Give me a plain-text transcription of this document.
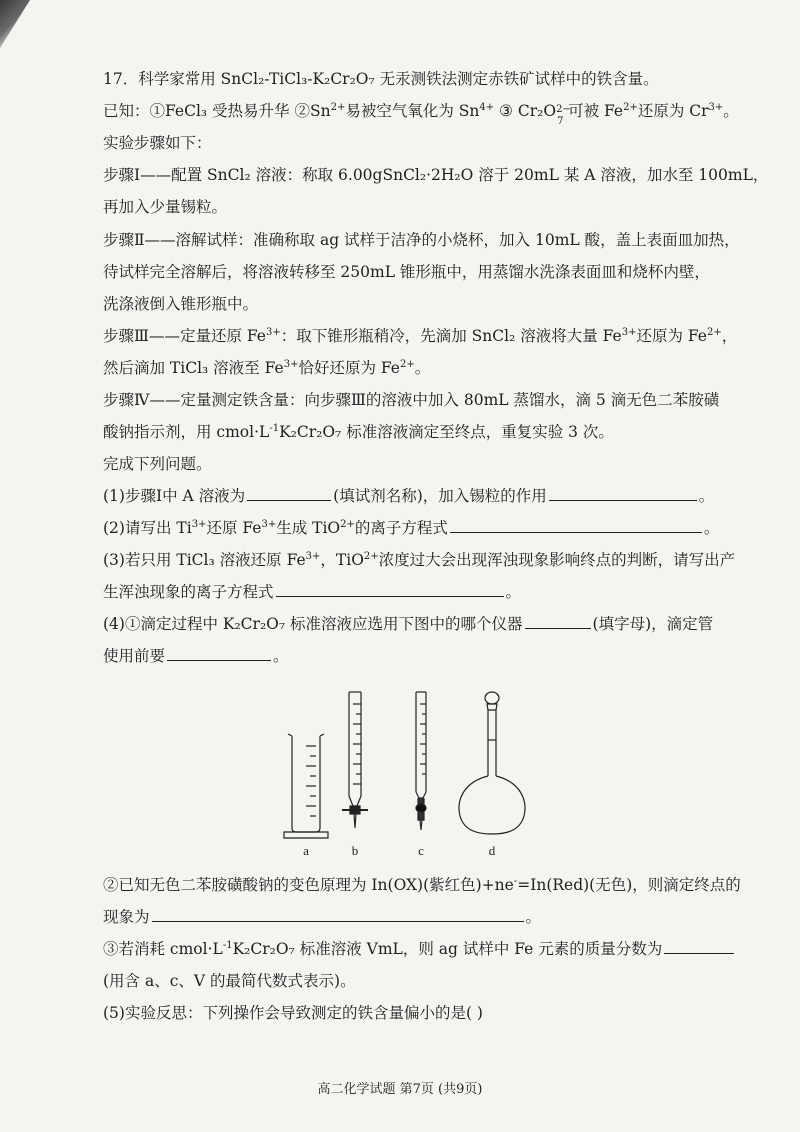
17．科学家常用 SnCl₂-TiCl₃-K₂Cr₂O₇ 无汞测铁法测定赤铁矿试样中的铁含量。
已知：①FeCl₃ 受热易升华 $②Sn^{2+}$易被空气氧化为 $Sn^{4+}$ ③ Cr₂O 2−
7
可被 $Fe^{2+}$还原为 $Cr^{3+}$。
实验步骤如下：
步骤Ⅰ——配置 SnCl₂ 溶液：称取 6.00gSnCl₂·2H₂O 溶于 20mL 某 A 溶液，加水至 100mL，
再加入少量锡粒。
步骤Ⅱ——溶解试样：准确称取 ag 试样于洁净的小烧杯，加入 10mL 酸，盖上表面皿加热，
待试样完全溶解后，将溶液转移至 250mL 锥形瓶中，用蒸馏水洗涤表面皿和烧杯内壁，
洗涤液倒入锥形瓶中。
步骤Ⅲ——定量还原 $Fe^{3+}$：取下锥形瓶稍冷，先滴加 SnCl₂ 溶液将大量 $Fe^{3+}$还原为 $Fe^{2+}$，
然后滴加 TiCl₃ 溶液至 $Fe^{3+}$恰好还原为 $Fe^{2+}$。
步骤Ⅳ——定量测定铁含量：向步骤Ⅲ的溶液中加入 80mL 蒸馏水，滴 5 滴无色二苯胺磺
酸钠指示剂，用 $cmol\cdot L^{-1}K_2Cr_2O_7$ 标准溶液滴定至终点，重复实验 3 次。
完成下列问题。
(1)步骤Ⅰ中 A 溶液为	(填试剂名称)，加入锡粒的作用	。
(2)请写出 $Ti^{3+}$还原 $Fe^{3+}$生成 TiO$^{2+}$的离子方程式	。
(3)若只用 TiCl₃ 溶液还原 $Fe^{3+}$，TiO$^{2+}$浓度过大会出现浑浊现象影响终点的判断，请写出产
生浑浊现象的离子方程式	。
(4)①滴定过程中 K₂Cr₂O₇ 标准溶液应选用下图中的哪个仪器	(填字母)，滴定管
使用前要	。
a	b	c	d
②已知无色二苯胺磺酸钠的变色原理为 In(OX)(紫红色)+ne-=In(Red)(无色)，则滴定终点的
现象为	。
③若消耗 $cmol\cdot L^{-1}K_2Cr_2O_7$ 标准溶液 VmL，则 ag 试样中 Fe 元素的质量分数为
(用含 a、c、V 的最简代数式表示)。
(5)实验反思：下列操作会导致测定的铁含量偏小的是( )
高二化学试题 第7页 (共9页)
